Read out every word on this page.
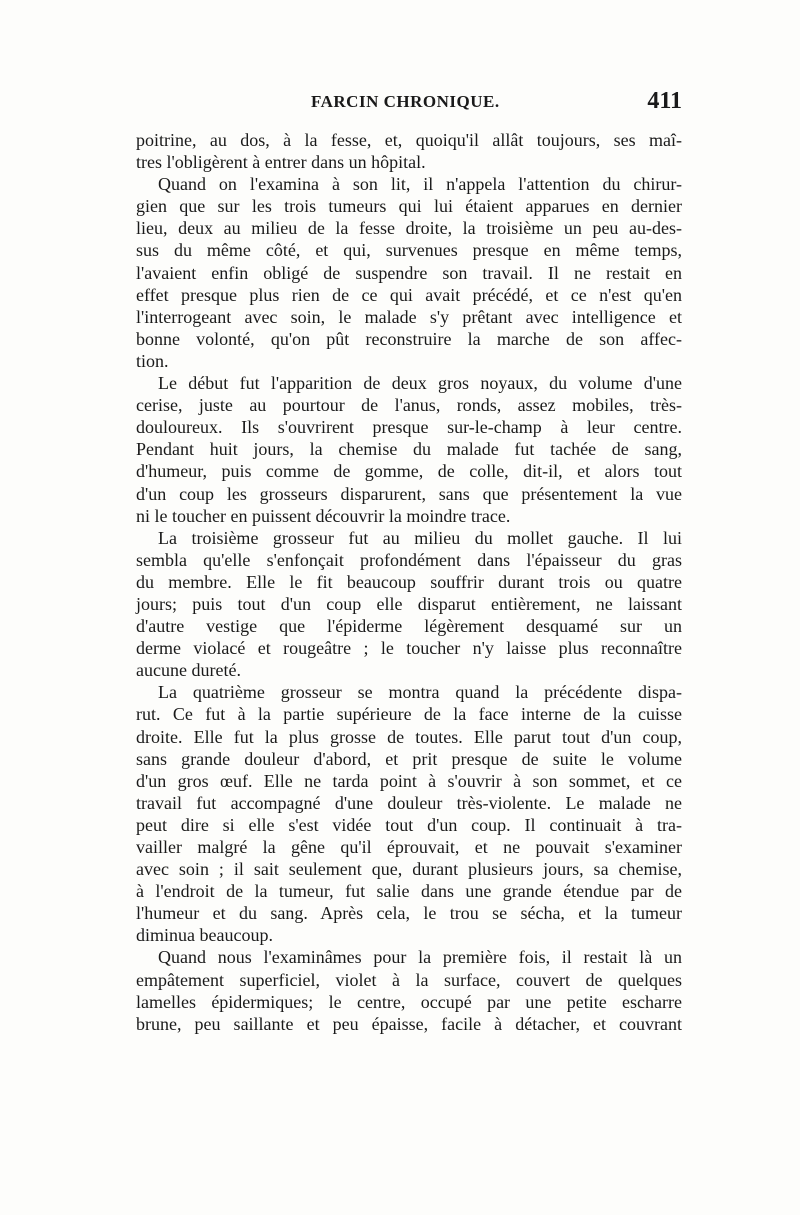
FARCIN CHRONIQUE.	411
poitrine, au dos, à la fesse, et, quoiqu'il allât toujours, ses maî-
tres l'obligèrent à entrer dans un hôpital.
Quand on l'examina à son lit, il n'appela l'attention du chirur-
gien que sur les trois tumeurs qui lui étaient apparues en dernier
lieu, deux au milieu de la fesse droite, la troisième un peu au-des-
sus du même côté, et qui, survenues presque en même temps,
l'avaient enfin obligé de suspendre son travail. Il ne restait en
effet presque plus rien de ce qui avait précédé, et ce n'est qu'en
l'interrogeant avec soin, le malade s'y prêtant avec intelligence et
bonne volonté, qu'on pût reconstruire la marche de son affec-
tion.
Le début fut l'apparition de deux gros noyaux, du volume d'une
cerise, juste au pourtour de l'anus, ronds, assez mobiles, très-
douloureux. Ils s'ouvrirent presque sur-le-champ à leur centre.
Pendant huit jours, la chemise du malade fut tachée de sang,
d'humeur, puis comme de gomme, de colle, dit-il, et alors tout
d'un coup les grosseurs disparurent, sans que présentement la vue
ni le toucher en puissent découvrir la moindre trace.
La troisième grosseur fut au milieu du mollet gauche. Il lui
sembla qu'elle s'enfonçait profondément dans l'épaisseur du gras
du membre. Elle le fit beaucoup souffrir durant trois ou quatre
jours; puis tout d'un coup elle disparut entièrement, ne laissant
d'autre vestige que l'épiderme légèrement desquamé sur un
derme violacé et rougeâtre ; le toucher n'y laisse plus reconnaître
aucune dureté.
La quatrième grosseur se montra quand la précédente dispa-
rut. Ce fut à la partie supérieure de la face interne de la cuisse
droite. Elle fut la plus grosse de toutes. Elle parut tout d'un coup,
sans grande douleur d'abord, et prit presque de suite le volume
d'un gros œuf. Elle ne tarda point à s'ouvrir à son sommet, et ce
travail fut accompagné d'une douleur très-violente. Le malade ne
peut dire si elle s'est vidée tout d'un coup. Il continuait à tra-
vailler malgré la gêne qu'il éprouvait, et ne pouvait s'examiner
avec soin ; il sait seulement que, durant plusieurs jours, sa chemise,
à l'endroit de la tumeur, fut salie dans une grande étendue par de
l'humeur et du sang. Après cela, le trou se sécha, et la tumeur
diminua beaucoup.
Quand nous l'examinâmes pour la première fois, il restait là un
empâtement superficiel, violet à la surface, couvert de quelques
lamelles épidermiques; le centre, occupé par une petite escharre
brune, peu saillante et peu épaisse, facile à détacher, et couvrant
